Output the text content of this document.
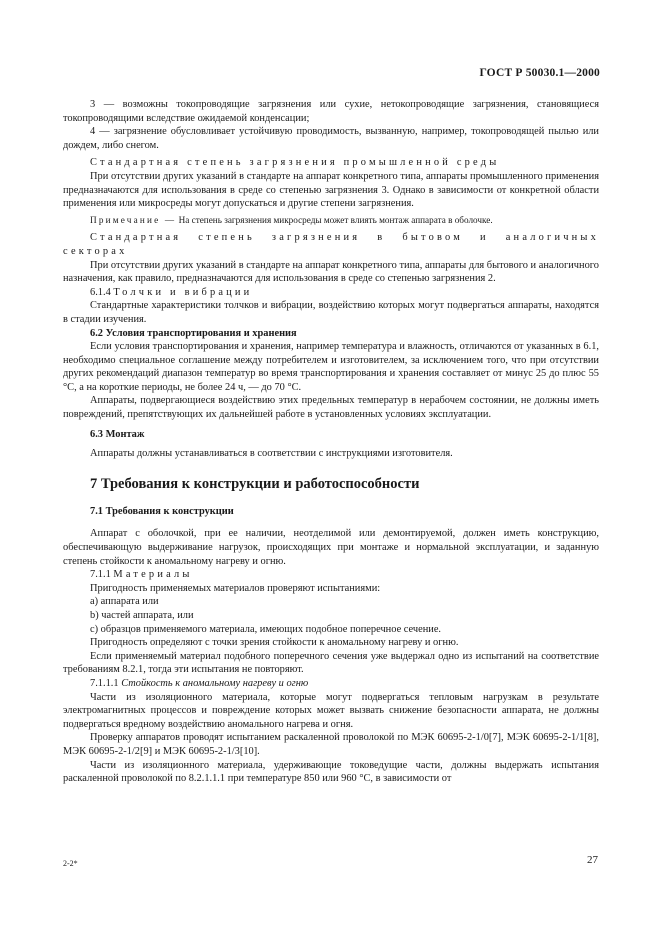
ГОСТ Р 50030.1—2000

3 — возможны токопроводящие загрязнения или сухие, нетокопроводящие загрязнения, становящиеся токопроводящими вследствие ожидаемой конденсации;

4 — загрязнение обусловливает устойчивую проводимость, вызванную, например, токопроводящей пылью или дождем, либо снегом.

Стандартная степень загрязнения промышленной среды

При отсутствии других указаний в стандарте на аппарат конкретного типа, аппараты промышленного применения предназначаются для использования в среде со степенью загрязнения 3. Однако в зависимости от конкретной области применения или микросреды могут допускаться и другие степени загрязнения.

Примечание — На степень загрязнения микросреды может влиять монтаж аппарата в оболочке.

Стандартная степень загрязнения в бытовом и аналогичных секторах

При отсутствии других указаний в стандарте на аппарат конкретного типа, аппараты для бытового и аналогичного назначения, как правило, предназначаются для использования в среде со степенью загрязнения 2.

6.1.4 Толчки и вибрации

Стандартные характеристики толчков и вибрации, воздействию которых могут подвергаться аппараты, находятся в стадии изучения.

6.2 Условия транспортирования и хранения

Если условия транспортирования и хранения, например температура и влажность, отличаются от указанных в 6.1, необходимо специальное соглашение между потребителем и изготовителем, за исключением того, что при отсутствии других рекомендаций диапазон температур во время транспортирования и хранения составляет от минус 25 до плюс 55 °С, а на короткие периоды, не более 24 ч, — до 70 °С.

Аппараты, подвергающиеся воздействию этих предельных температур в нерабочем состоянии, не должны иметь повреждений, препятствующих их дальнейшей работе в установленных условиях эксплуатации.

6.3 Монтаж

Аппараты должны устанавливаться в соответствии с инструкциями изготовителя.

7 Требования к конструкции и работоспособности

7.1 Требования к конструкции

Аппарат с оболочкой, при ее наличии, неотделимой или демонтируемой, должен иметь конструкцию, обеспечивающую выдерживание нагрузок, происходящих при монтаже и нормальной эксплуатации, и заданную степень стойкости к аномальному нагреву и огню.

7.1.1 Материалы

Пригодность применяемых материалов проверяют испытаниями:

а) аппарата или

b) частей аппарата, или

c) образцов применяемого материала, имеющих подобное поперечное сечение.

Пригодность определяют с точки зрения стойкости к аномальному нагреву и огню.

Если применяемый материал подобного поперечного сечения уже выдержал одно из испытаний на соответствие требованиям 8.2.1, тогда эти испытания не повторяют.

7.1.1.1 Стойкость к аномальному нагреву и огню

Части из изоляционного материала, которые могут подвергаться тепловым нагрузкам в результате электромагнитных процессов и повреждение которых может вызвать снижение безопасности аппарата, не должны подвергаться вредному воздействию аномального нагрева и огня.

Проверку аппаратов проводят испытанием раскаленной проволокой по МЭК 60695-2-1/0[7], МЭК 60695-2-1/1[8], МЭК 60695-2-1/2[9] и МЭК 60695-2-1/3[10].

Части из изоляционного материала, удерживающие токоведущие части, должны выдержать испытания раскаленной проволокой по 8.2.1.1.1 при температуре 850 или 960 °С, в зависимости от

2-2*	27
